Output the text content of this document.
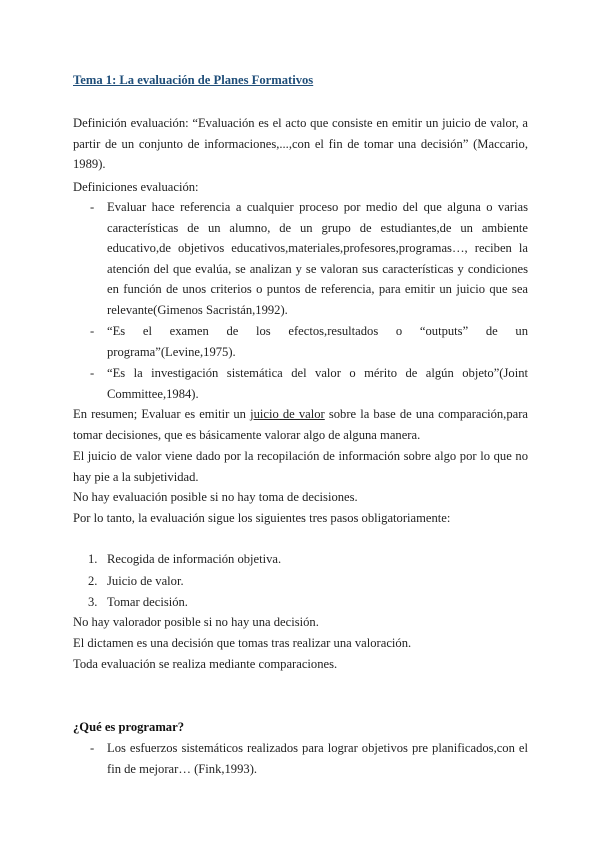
Tema 1: La evaluación de Planes Formativos

Definición evaluación: “Evaluación es el acto que consiste en emitir un juicio de valor, a partir de un conjunto de informaciones,...,con el fin de tomar una decisión” (Maccario, 1989).

Definiciones evaluación:

- Evaluar hace referencia a cualquier proceso por medio del que alguna o varias características de un alumno, de un grupo de estudiantes,de un ambiente educativo,de objetivos educativos,materiales,profesores,programas…, reciben la atención del que evalúa, se analizan y se valoran sus características y condiciones en función de unos criterios o puntos de referencia, para emitir un juicio que sea relevante(Gimenos Sacristán,1992).
- “Es el examen de los efectos,resultados o “outputs” de un programa”(Levine,1975).
- “Es la investigación sistemática del valor o mérito de algún objeto”(Joint Committee,1984).

En resumen; Evaluar es emitir un juicio de valor sobre la base de una comparación,para tomar decisiones, que es básicamente valorar algo de alguna manera.

El juicio de valor viene dado por la recopilación de información sobre algo por lo que no hay pie a la subjetividad.

No hay evaluación posible si no hay toma de decisiones.

Por lo tanto, la evaluación sigue los siguientes tres pasos obligatoriamente:

1. Recogida de información objetiva.
2. Juicio de valor.
3. Tomar decisión.

No hay valorador posible si no hay una decisión.

El dictamen es una decisión que tomas tras realizar una valoración.

Toda evaluación se realiza mediante comparaciones.

¿Qué es programar?
- Los esfuerzos sistemáticos realizados para lograr objetivos pre planificados,con el fin de mejorar… (Fink,1993).
